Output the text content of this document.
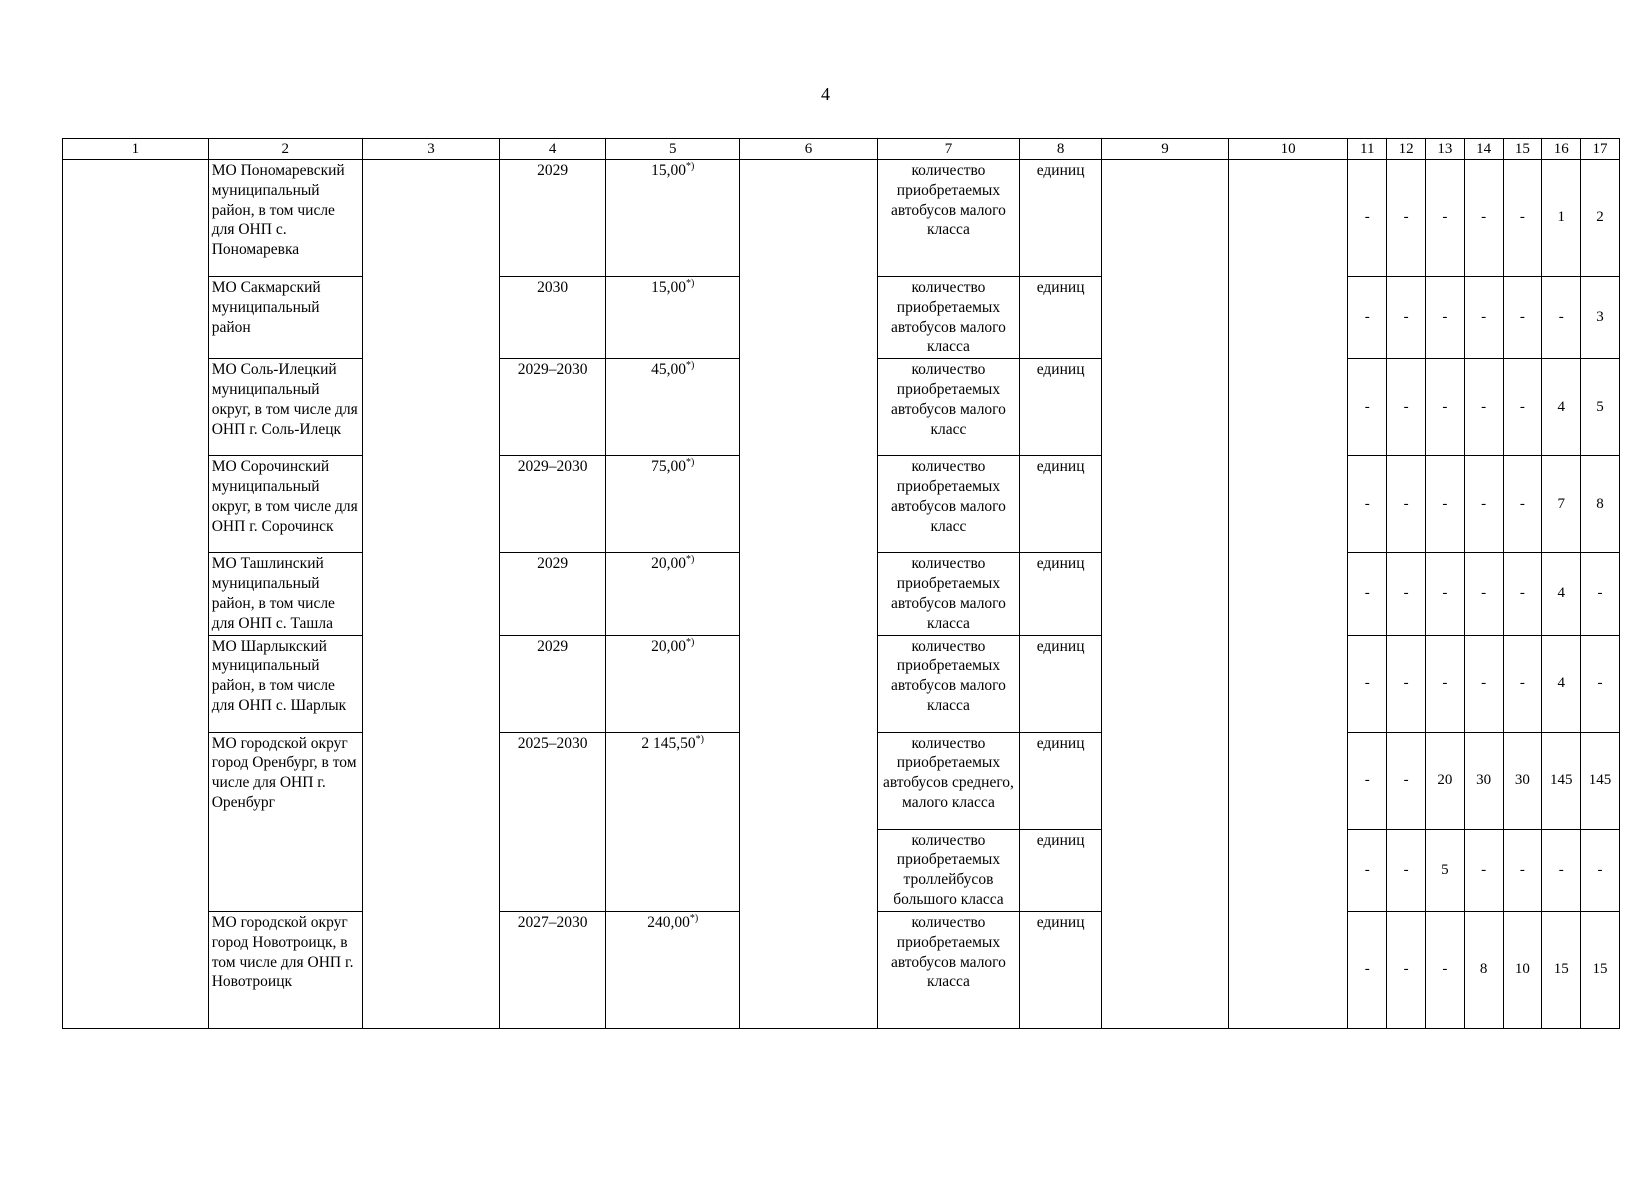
4
1	2	3	4	5	6	7	8	9	10	11	12	13	14	15	16	17
	МО Пономаревский муниципальный район, в том числе для ОНП с. Пономаревка		2029	15,00*)		количество приобретаемых автобусов малого класса	единиц			-	-	-	-	-	1	2
	МО Сакмарский муниципальный район		2030	15,00*)		количество приобретаемых автобусов малого класса	единиц			-	-	-	-	-	-	3
	МО Соль-Илецкий муниципальный округ, в том числе для ОНП г. Соль-Илецк		2029–2030	45,00*)		количество приобретаемых автобусов малого класс	единиц			-	-	-	-	-	4	5
	МО Сорочинский муниципальный округ, в том числе для ОНП г. Сорочинск		2029–2030	75,00*)		количество приобретаемых автобусов малого класс	единиц			-	-	-	-	-	7	8
	МО Ташлинский муниципальный район, в том числе для ОНП с. Ташла		2029	20,00*)		количество приобретаемых автобусов малого класса	единиц			-	-	-	-	-	4	-
	МО Шарлыкский муниципальный район, в том числе для ОНП с. Шарлык		2029	20,00*)		количество приобретаемых автобусов малого класса	единиц			-	-	-	-	-	4	-
	МО городской округ город Оренбург, в том числе для ОНП г. Оренбург		2025–2030	2 145,50*)		количество приобретаемых автобусов среднего, малого класса	единиц			-	-	20	30	30	145	145
						количество приобретаемых троллейбусов большого класса	единиц			-	-	5	-	-	-	-
	МО городской округ город Новотроицк, в том числе для ОНП г. Новотроицк		2027–2030	240,00*)		количество приобретаемых автобусов малого класса	единиц			-	-	-	8	10	15	15
